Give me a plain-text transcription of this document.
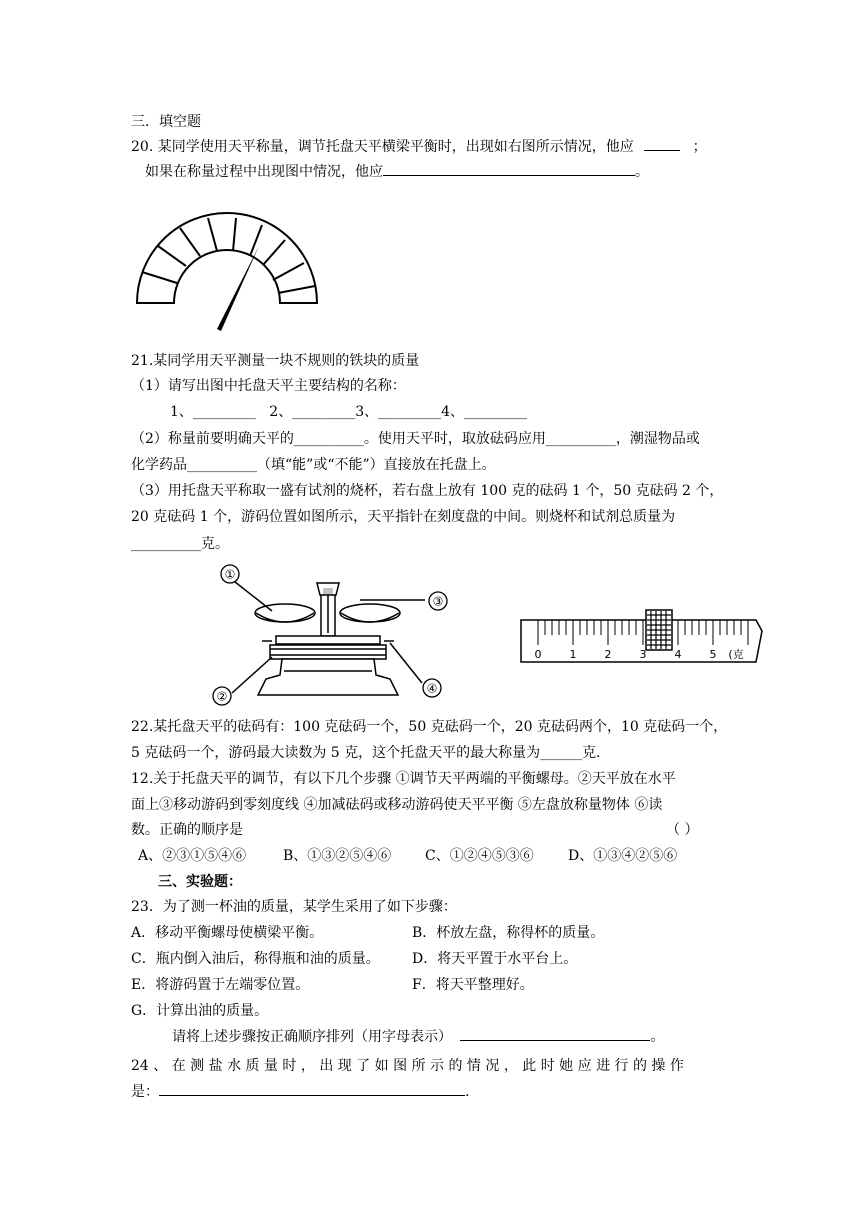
三．填空题
20. 某同学使用天平称量，调节托盘天平横梁平衡时，出现如右图所示情况，他应	；
如果在称量过程中出现图中情况，他应	。
21.某同学用天平测量一块不规则的铁块的质量
（1）请写出图中托盘天平主要结构的名称：
1、_________ 2、_________3、_________4、_________
（2）称量前要明确天平的__________。使用天平时，取放砝码应用__________，潮湿物品或
化学药品__________（填“能”或“不能”）直接放在托盘上。
（3）用托盘天平称取一盛有试剂的烧杯，若右盘上放有 100 克的砝码 1 个，50 克砝码 2 个，
20 克砝码 1 个，游码位置如图所示，天平指针在刻度盘的中间。则烧杯和试剂总质量为
__________克。
|||||
①
③
②
④
0	1	2	3	4	5 (克
22.某托盘天平的砝码有：100 克砝码一个，50 克砝码一个，20 克砝码两个，10 克砝码一个，
5 克砝码一个，游码最大读数为 5 克，这个托盘天平的最大称量为______克．
12.关于托盘天平的调节，有以下几个步骤 ①调节天平两端的平衡螺母。②天平放在水平
面上③移动游码到零刻度线 ④加减砝码或移动游码使天平平衡 ⑤左盘放称量物体 ⑥读
数。正确的顺序是	（ ）
A、②③①⑤④⑥	B、①③②⑤④⑥ C、①②④⑤③⑥ D、①③④②⑤⑥
三、实验题：
23．为了测一杯油的质量，某学生采用了如下步骤：
A．移动平衡螺母使横梁平衡。	B．杯放左盘，称得杯的质量。
C．瓶内倒入油后，称得瓶和油的质量。 D．将天平置于水平台上。
E．将游码置于左端零位置。	F．将天平整理好。
G．计算出油的质量。
请将上述步骤按正确顺序排列（用字母表示）	。
24 、 在 测 盐 水 质 量 时 ， 出 现 了 如 图 所 示 的 情 况 ， 此 时 她 应 进 行 的 操 作
是：	.
